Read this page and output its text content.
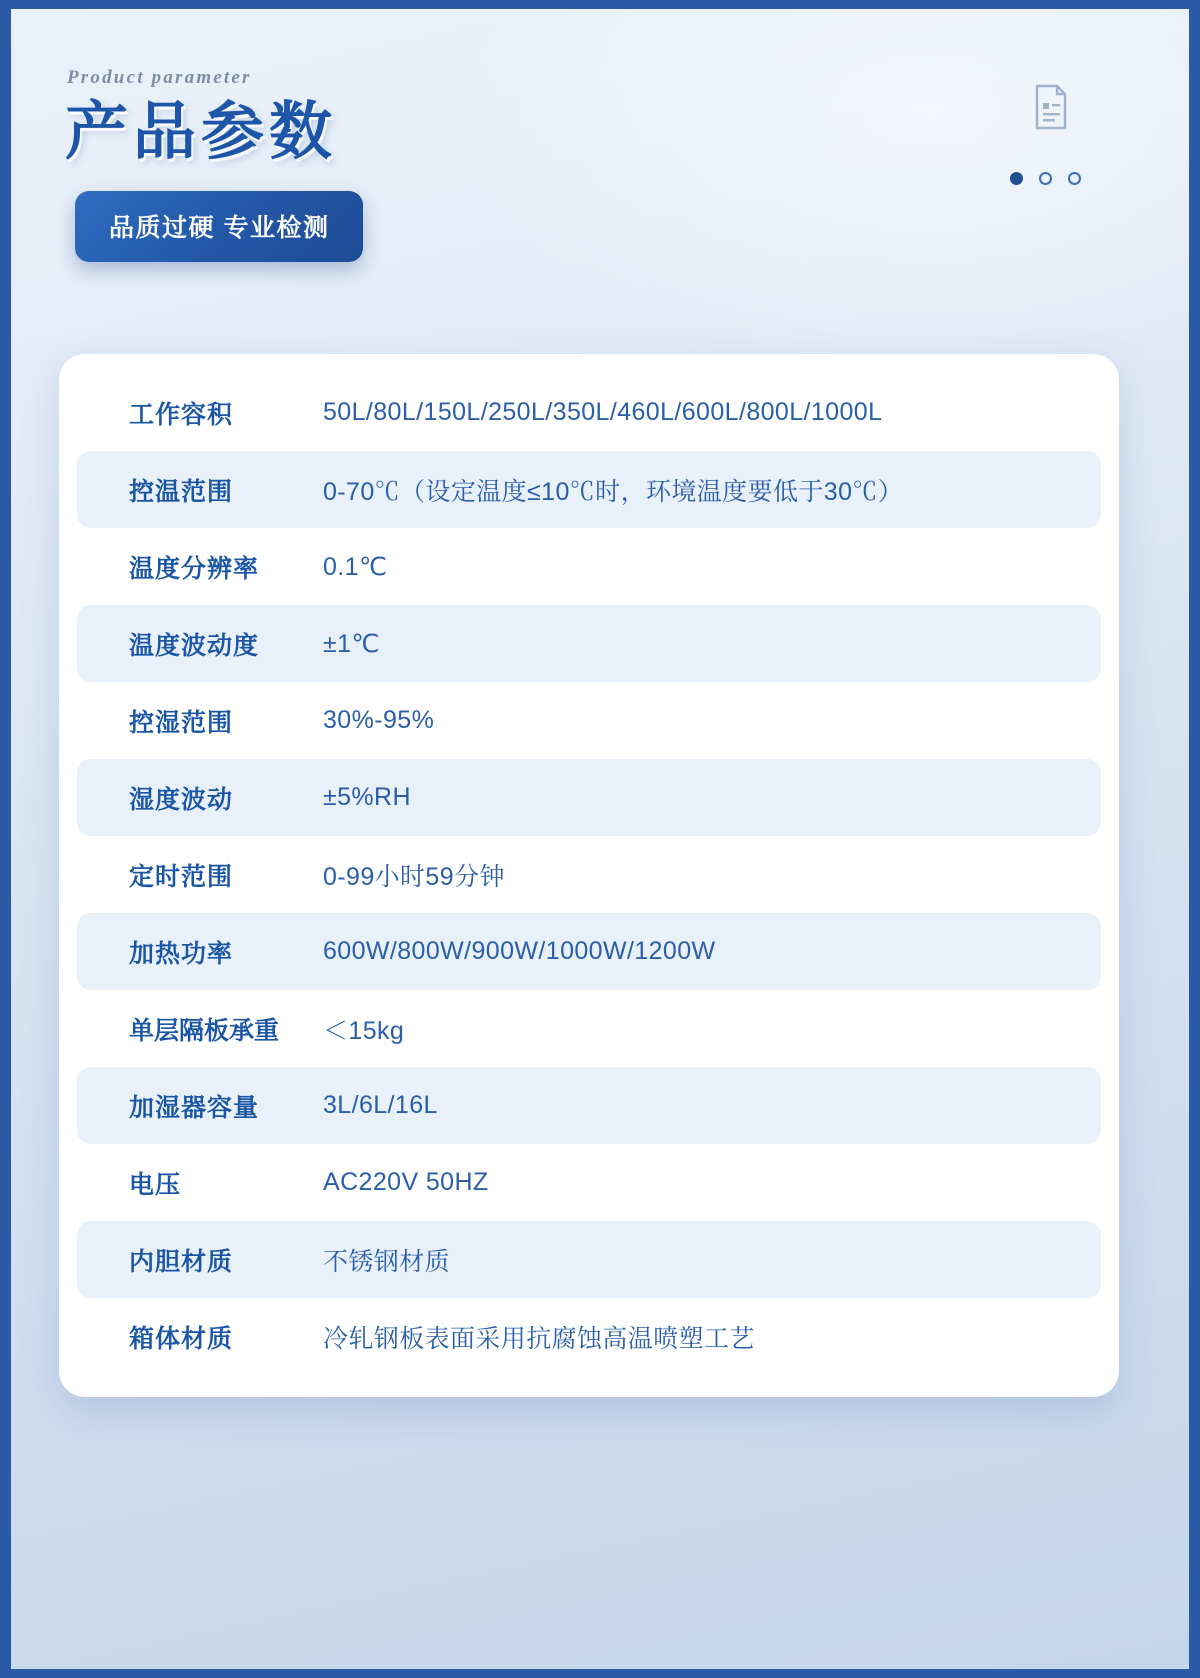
Product parameter
产品参数
品质过硬 专业检测
工作容积	50L/80L/150L/250L/350L/460L/600L/800L/1000L
控温范围	0-70℃（设定温度≤10℃时，环境温度要低于30℃）
温度分辨率	0.1℃
温度波动度	±1℃
控湿范围	30%-95%
湿度波动	±5%RH
定时范围	0-99小时59分钟
加热功率	600W/800W/900W/1000W/1200W
单层隔板承重	＜15kg
加湿器容量	3L/6L/16L
电压	AC220V 50HZ
内胆材质	不锈钢材质
箱体材质	冷轧钢板表面采用抗腐蚀高温喷塑工艺
